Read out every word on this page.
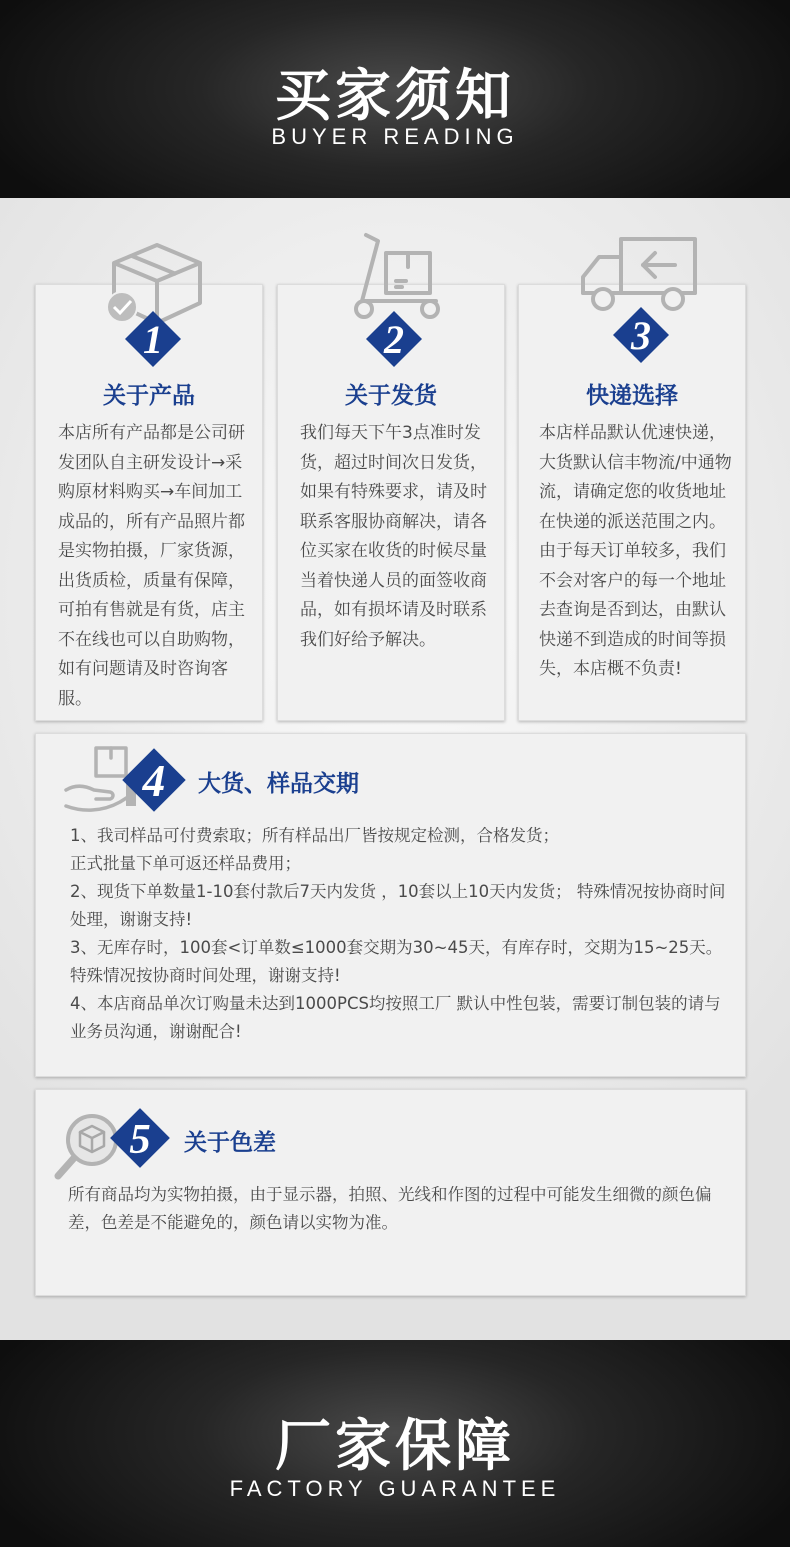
买家须知
BUYER READING
1
关于产品
本店所有产品都是公司研发团队自主研发设计→采购原材料购买→车间加工成品的，所有产品照片都是实物拍摄，厂家货源，出货质检，质量有保障，可拍有售就是有货，店主不在线也可以自助购物，如有问题请及时咨询客服。
2
关于发货
我们每天下午3点准时发货，超过时间次日发货，如果有特殊要求，请及时联系客服协商解决，请各位买家在收货的时候尽量当着快递人员的面签收商品，如有损坏请及时联系我们好给予解决。
3
快递选择
本店样品默认优速快递，大货默认信丰物流/中通物流，请确定您的收货地址在快递的派送范围之内。由于每天订单较多，我们不会对客户的每一个地址去查询是否到达，由默认快递不到造成的时间等损失，本店概不负责!
4 大货、样品交期

1、我司样品可付费索取；所有样品出厂皆按规定检测，合格发货；

正式批量下单可返还样品费用；

2、现货下单数量1-10套付款后7天内发货 ，10套以上10天内发货； 特殊情况按协商时间处理，谢谢支持!

3、无库存时，100套<订单数≤1000套交期为30~45天，有库存时，交期为15~25天。特殊情况按协商时间处理，谢谢支持!

4、本店商品单次订购量未达到1000PCS均按照工厂 默认中性包装，需要订制包装的请与业务员沟通，谢谢配合!

5 关于色差
所有商品均为实物拍摄，由于显示器，拍照、光线和作图的过程中可能发生细微的颜色偏差，色差是不能避免的，颜色请以实物为准。
厂家保障
FACTORY GUARANTEE
